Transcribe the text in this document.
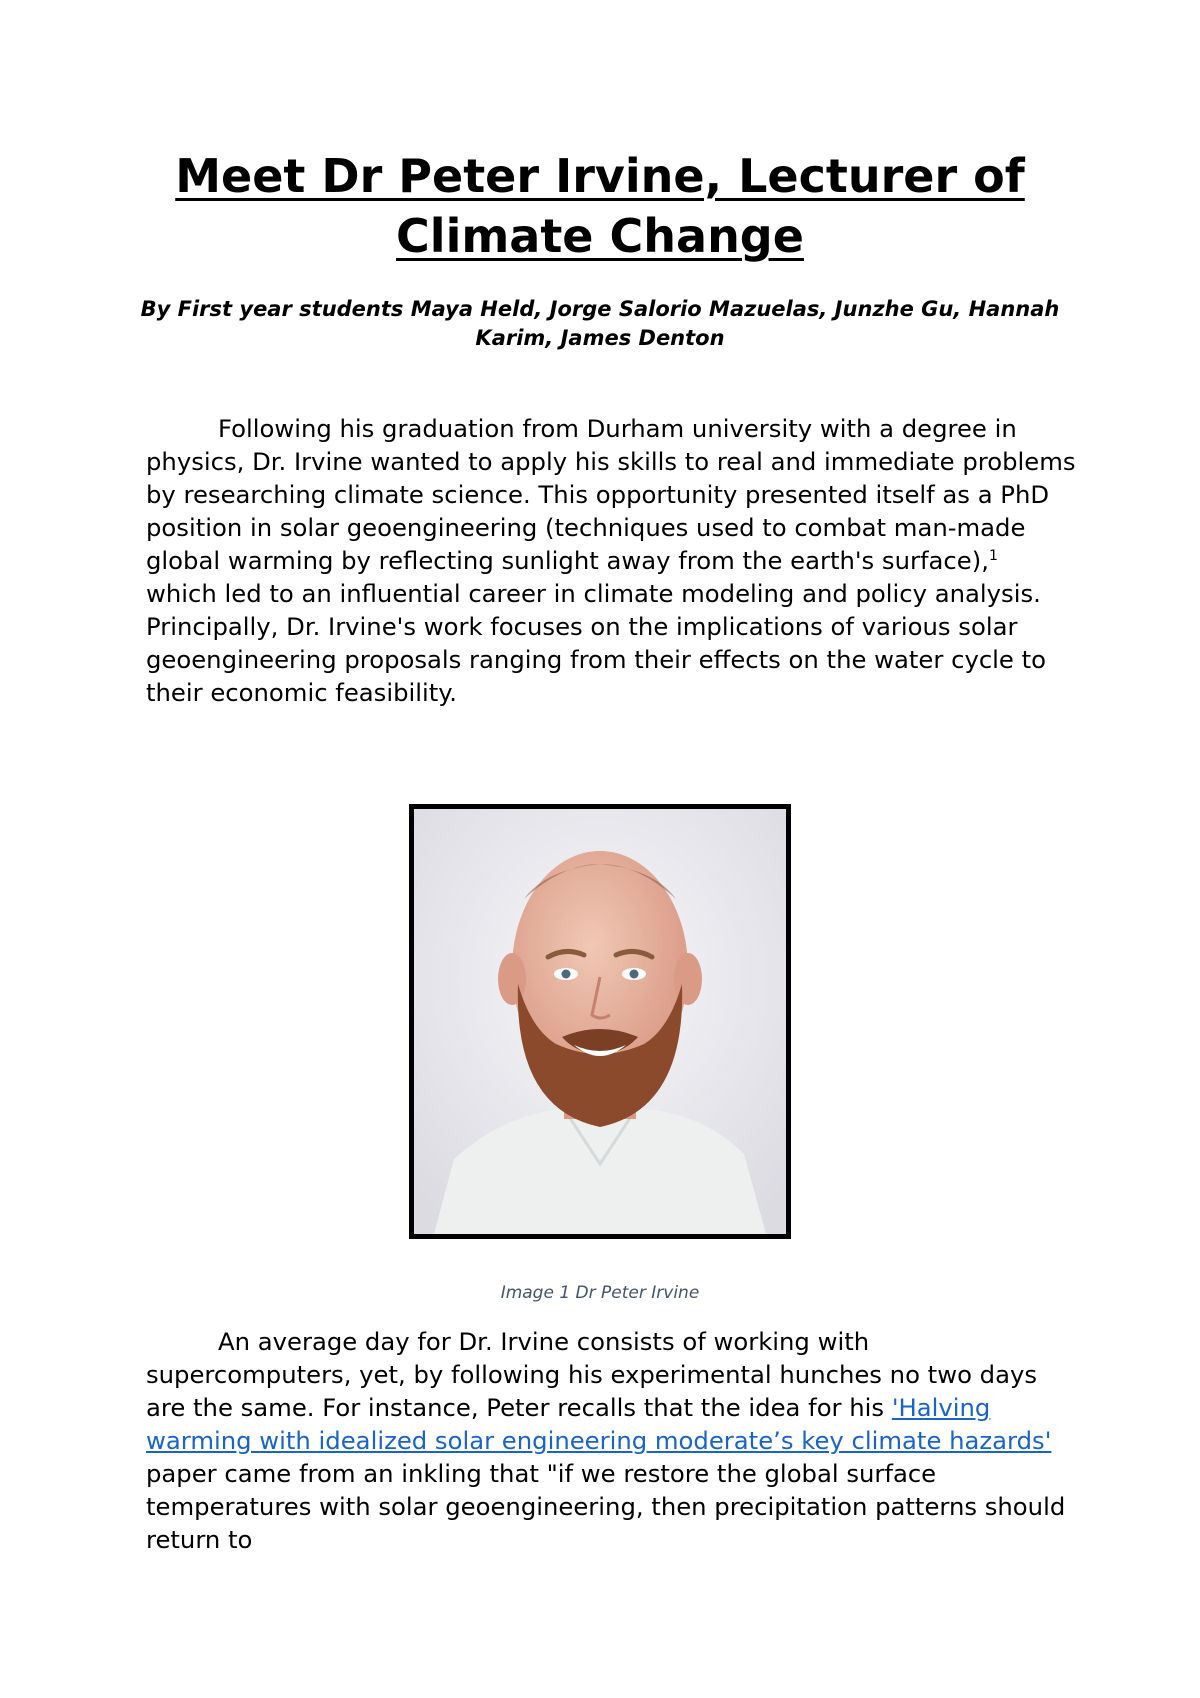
Meet Dr Peter Irvine, Lecturer of Climate Change

By First year students Maya Held, Jorge Salorio Mazuelas, Junzhe Gu, Hannah Karim, James Denton

Following his graduation from Durham university with a degree in physics, Dr. Irvine wanted to apply his skills to real and immediate problems by researching climate science. This opportunity presented itself as a PhD position in solar geoengineering (techniques used to combat man-made global warming by reflecting sunlight away from the earth's surface),$^1$ which led to an influential career in climate modeling and policy analysis. Principally, Dr. Irvine's work focuses on the implications of various solar geoengineering proposals ranging from their effects on the water cycle to their economic feasibility.

Image 1 Dr Peter Irvine

An average day for Dr. Irvine consists of working with supercomputers, yet, by following his experimental hunches no two days are the same. For instance, Peter recalls that the idea for his 'Halving warming with idealized solar engineering moderate’s key climate hazards' paper came from an inkling that "if we restore the global surface temperatures with solar geoengineering, then precipitation patterns should return to
